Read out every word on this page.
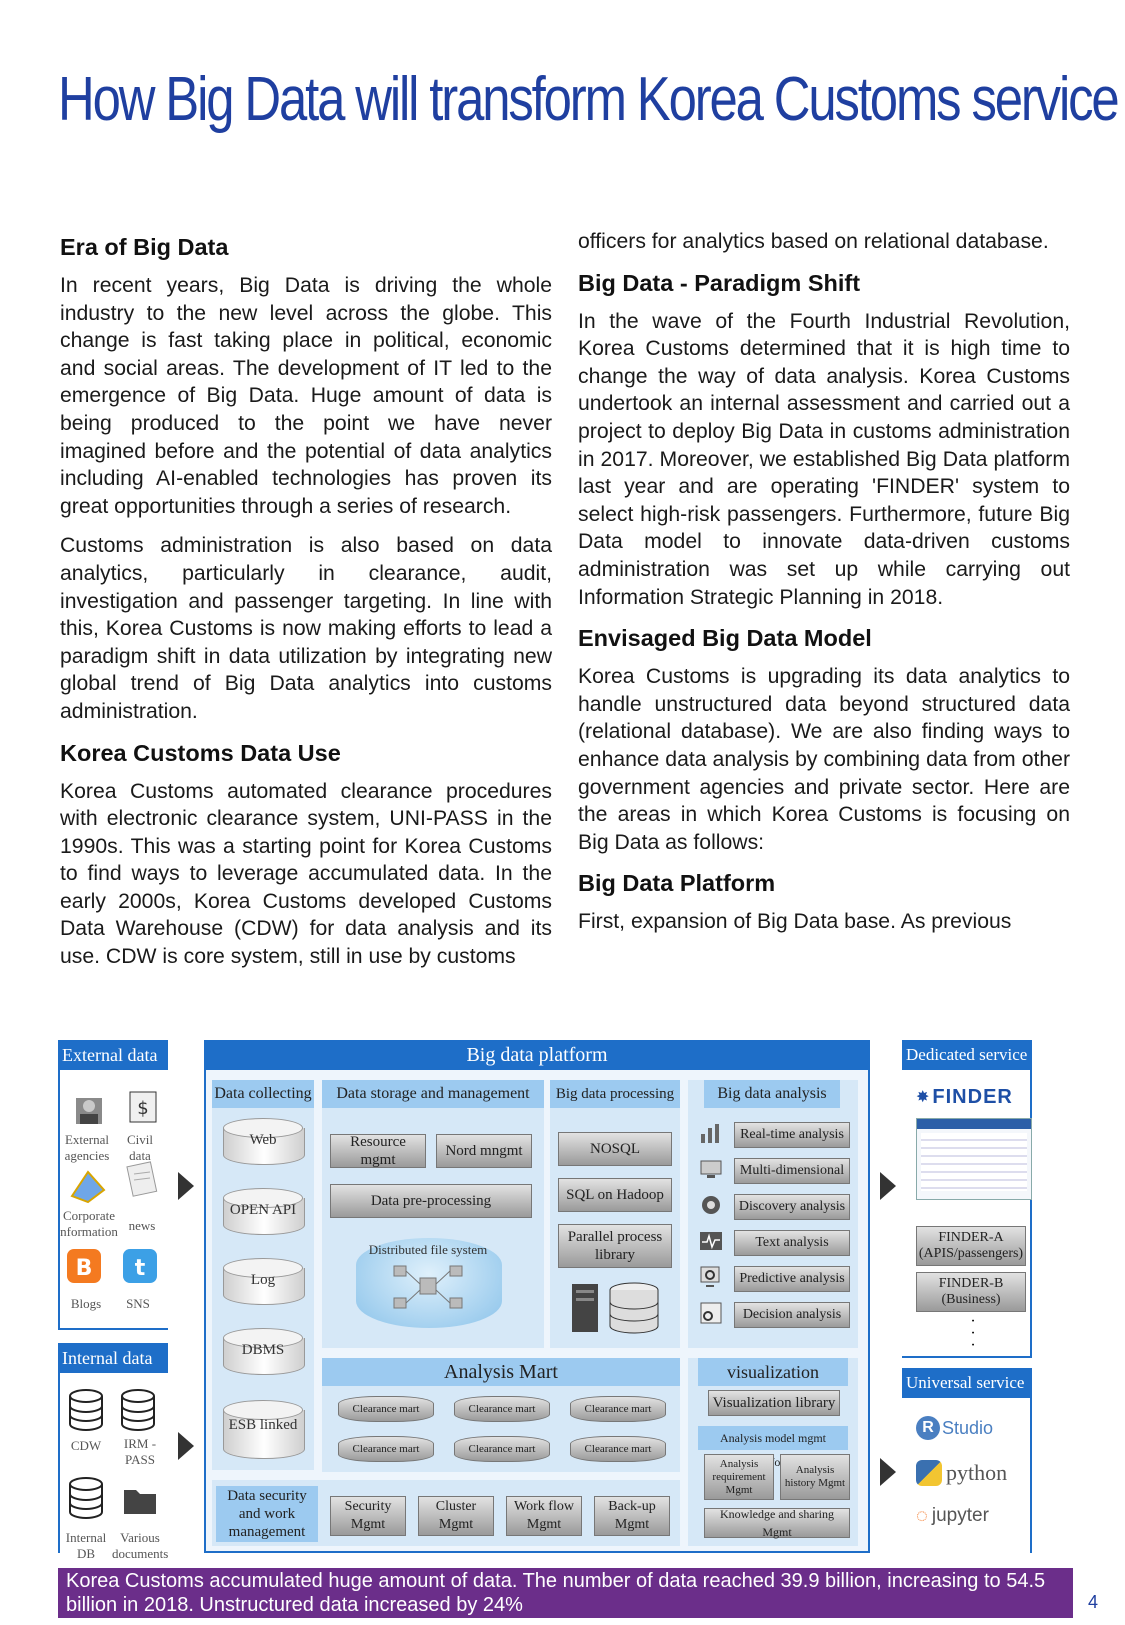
How Big Data will transform Korea Customs service
Era of Big Data

In recent years, Big Data is driving the whole industry to the new level across the globe. This change is fast taking place in political, economic and social areas. The development of IT led to the emergence of Big Data. Huge amount of data is being produced to the point we have never imagined before and the potential of data analytics including AI-enabled technologies has proven its great opportunities through a series of research.

Customs administration is also based on data analytics, particularly in clearance, audit, investigation and passenger targeting. In line with this, Korea Customs is now making efforts to lead a paradigm shift in data utilization by integrating new global trend of Big Data analytics into customs administration.

Korea Customs Data Use

Korea Customs automated clearance procedures with electronic clearance system, UNI-PASS in the 1990s. This was a starting point for Korea Customs to find ways to leverage accumulated data. In the early 2000s, Korea Customs developed Customs Data Warehouse (CDW) for data analysis and its use. CDW is core system, still in use by customs

officers for analytics based on relational database.

Big Data - Paradigm Shift

In the wave of the Fourth Industrial Revolution, Korea Customs determined that it is high time to change the way of data analysis. Korea Customs undertook an internal assessment and carried out a project to deploy Big Data in customs administration in 2017. Moreover, we established Big Data platform last year and are operating 'FINDER' system to select high-risk passengers. Furthermore, future Big Data model to innovate data-driven customs administration was set up while carrying out Information Strategic Planning in 2018.

Envisaged Big Data Model

Korea Customs is upgrading its data analytics to handle unstructured data beyond structured data (relational database). We are also finding ways to enhance data analysis by combining data from other government agencies and private sector. Here are the areas in which Korea Customs is focusing on Big Data as follows:

Big Data Platform

First, expansion of Big Data base. As previous

External data
$
External agencies
Civil data
Corporate nformation news
B t
Blogs	SNS
Internal data
CDW	IRM -PASS
Internal DB
Various documents
Big data platform
Data collecting
Web
OPEN API
Log
DBMS
ESB linked
Data storage and management
Resource mgmt
Nord mngmt
Data pre-processing
Distributed file system
Big data processing
NOSQL
SQL on Hadoop
Parallel process library
Big data analysis
Real-time analysis
Multi-dimensional
Discovery analysis
Text analysis
Predictive analysis
Decision analysis
Analysis Mart
Clearance mart	Clearance mart	Clearance mart
Clearance mart	Clearance mart	Clearance mart
Data security and work management
Security Mgmt
Cluster Mgmt
Work flow Mgmt
Back-up Mgmt
visualization
Visualization library
Analysis model mgmt
Analysis requirement Mgmt
Analysis history Mgmt
Knowledge and sharing Mgmt
Dedicated service
✸ FINDER
FINDER-A (APIS/passengers)
FINDER-B (Business)
·
·
·
Universal service
R Studio
python
◌ jupyter
Korea Customs accumulated huge amount of data. The number of data reached 39.9 billion, increasing to 54.5 billion in 2018. Unstructured data increased by 24%	4
